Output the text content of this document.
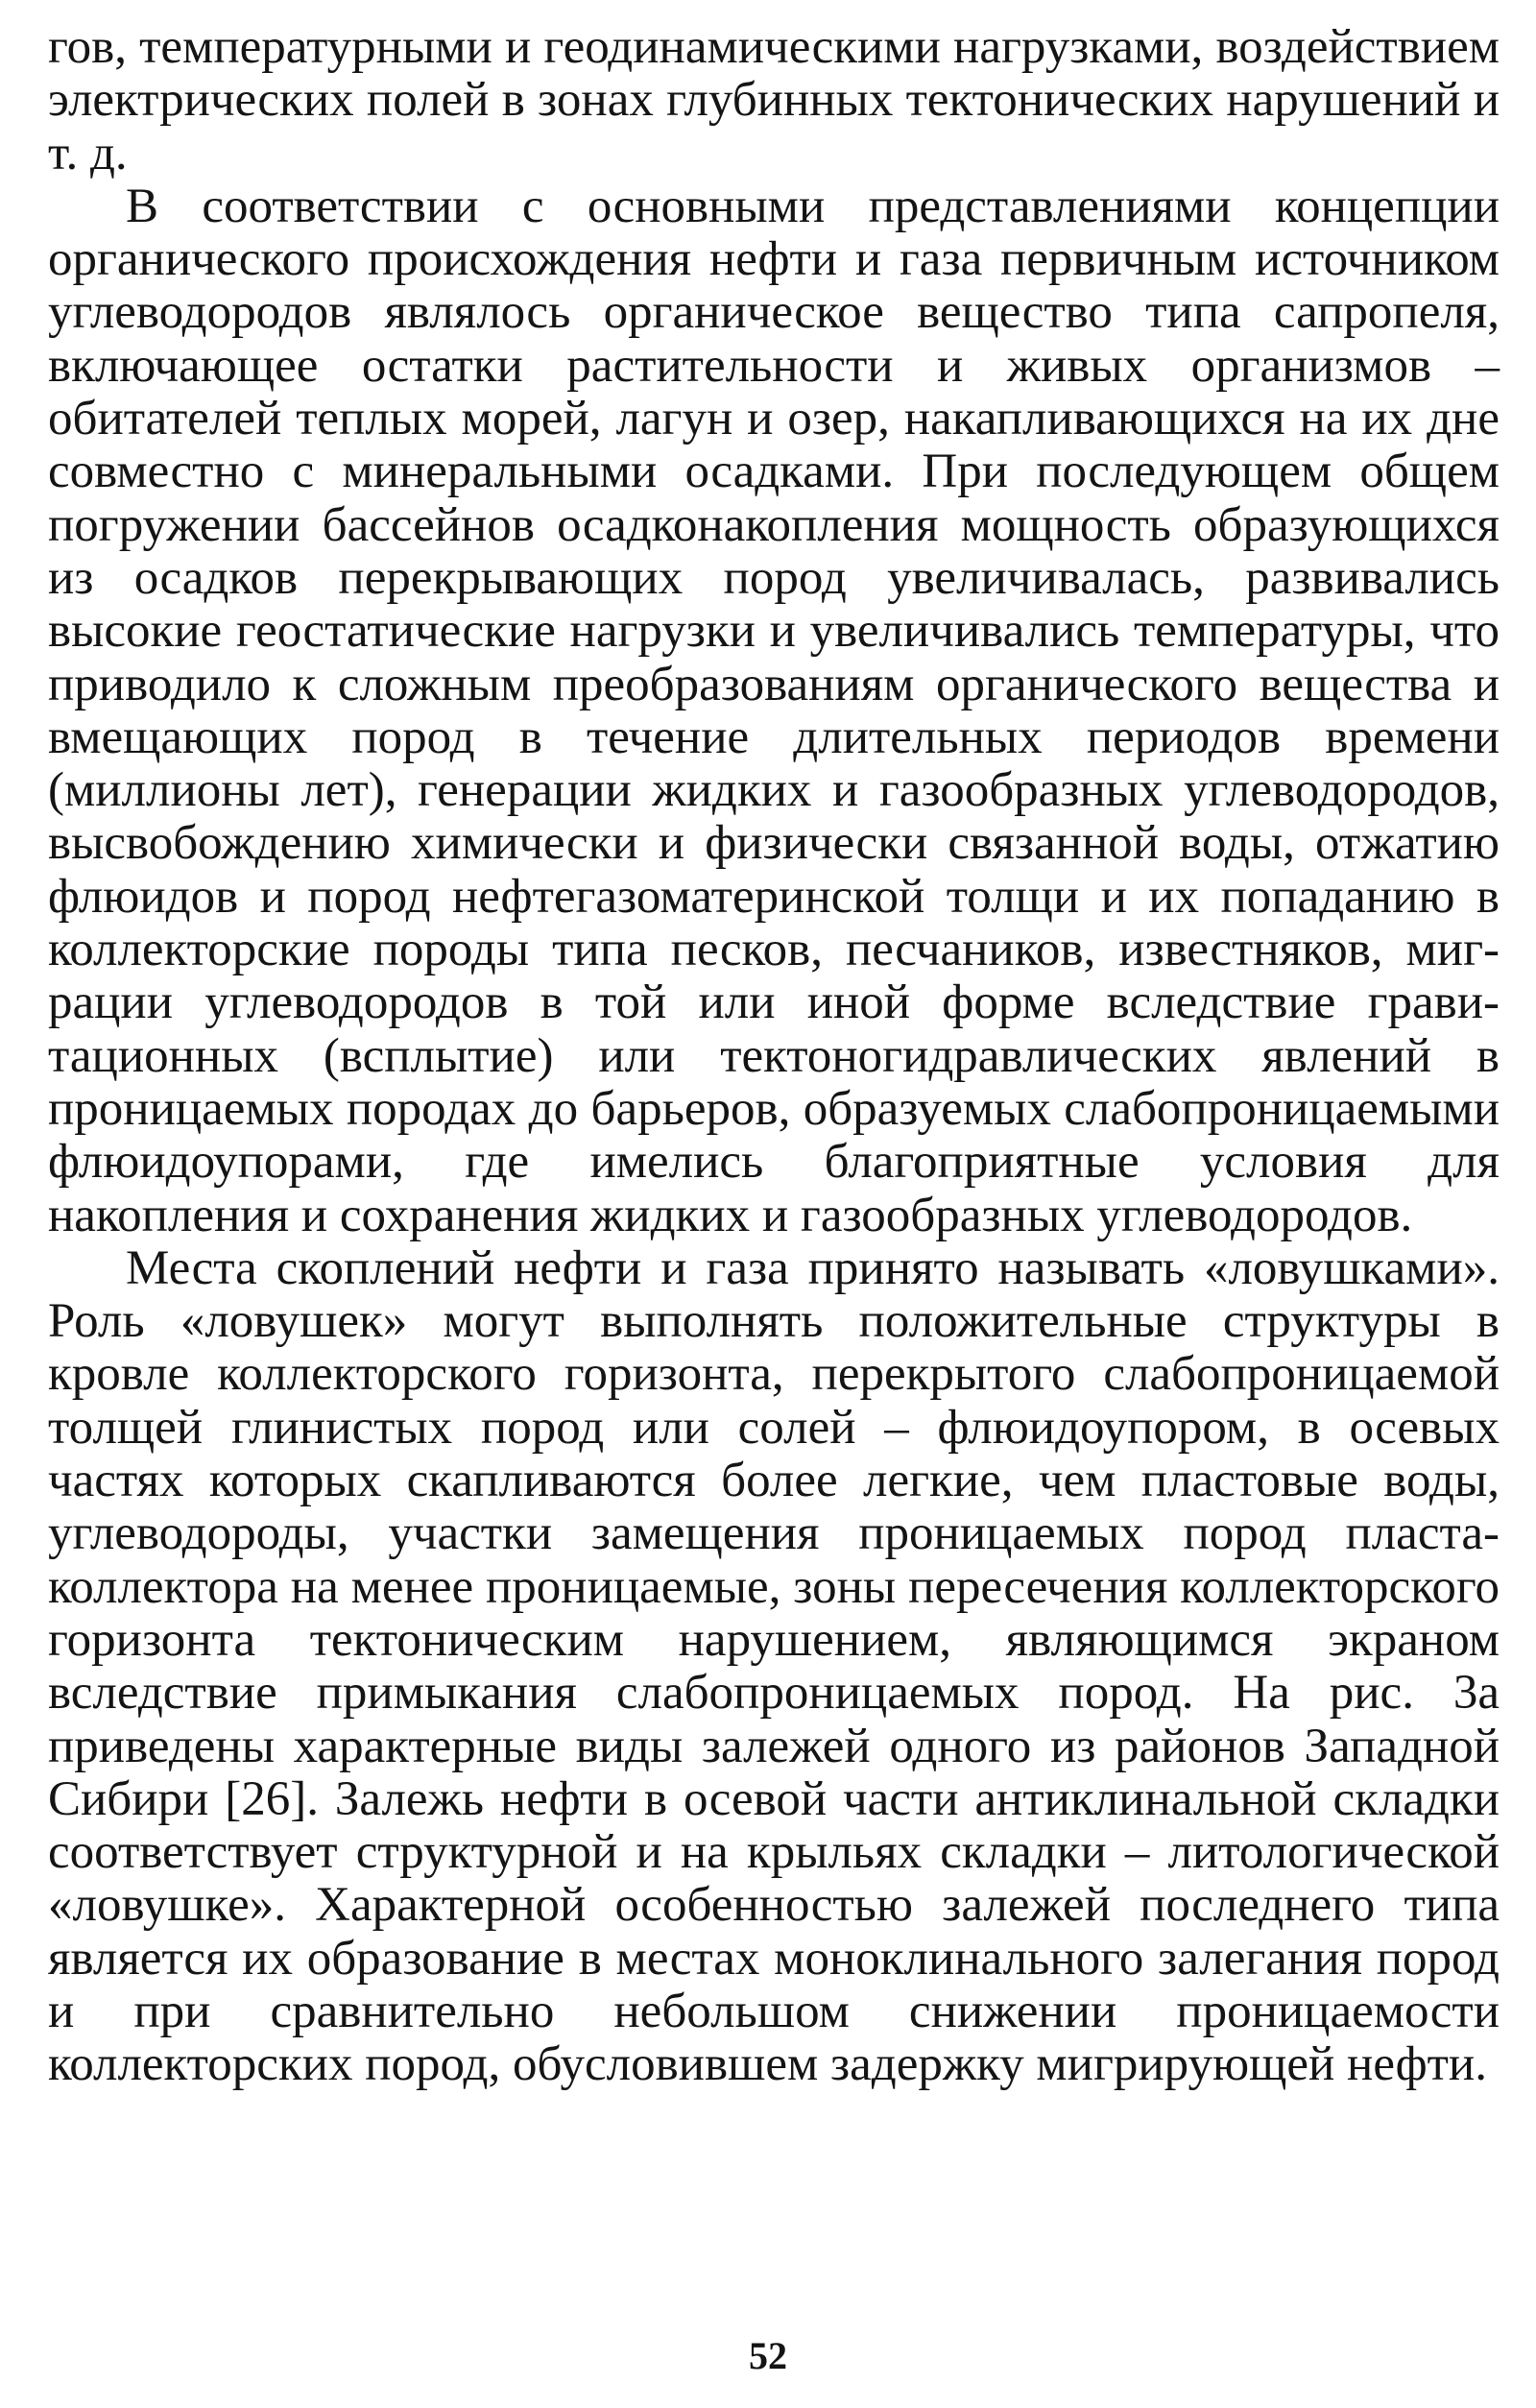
гов, температурными и геодинамическими нагрузками, воздействием электрических полей в зонах глубинных тектонических нарушений и т. д.

В соответствии с основными представлениями концепции органического происхождения нефти и газа первичным источником углеводородов являлось органическое вещество типа сапропеля, включающее остатки растительности и живых организмов – обитателей теплых морей, лагун и озер, накапливающихся на их дне совместно с минеральными осадками. При последующем общем погружении бассейнов осадконакопления мощность образующихся из осадков перекрывающих пород увеличивалась, развивались высокие геостатические нагрузки и увеличивались температуры, что приводило к сложным преобразованиям органического вещества и вмещающих пород в течение длительных периодов времени (миллионы лет), генерации жидких и газообразных углеводородов, высвобождению химически и физически связанной воды, отжатию флюидов и пород нефтегазоматеринской толщи и их попаданию в коллекторские породы типа песков, песчаников, известняков, миграции углеводородов в той или иной форме вследствие гравитационных (всплытие) или тектоногидравлических явлений в проницаемых породах до барьеров, образуемых слабопроницаемыми флюидоупорами, где имелись благоприятные условия для накопления и сохранения жидких и газообразных углеводородов.

Места скоплений нефти и газа принято называть «ловушками». Роль «ловушек» могут выполнять положительные структуры в кровле коллекторского горизонта, перекрытого слабопроницаемой толщей глинистых пород или солей – флюидоупором, в осевых частях которых скапливаются более легкие, чем пластовые воды, углеводороды, участки замещения проницаемых пород пласта-коллектора на менее проницаемые, зоны пересечения коллекторского горизонта тектоническим нарушением, являющимся экраном вследствие примыкания слабопроницаемых пород. На рис. 3а приведены характерные виды залежей одного из районов Западной Сибири [26]. Залежь нефти в осевой части антиклинальной складки соответствует структурной и на крыльях складки – литологической «ловушке». Характерной особенностью залежей последнего типа является их образование в местах моноклинального залегания пород и при сравнительно небольшом снижении проницаемости коллекторских пород, обусловившем задержку мигрирующей нефти.

52
